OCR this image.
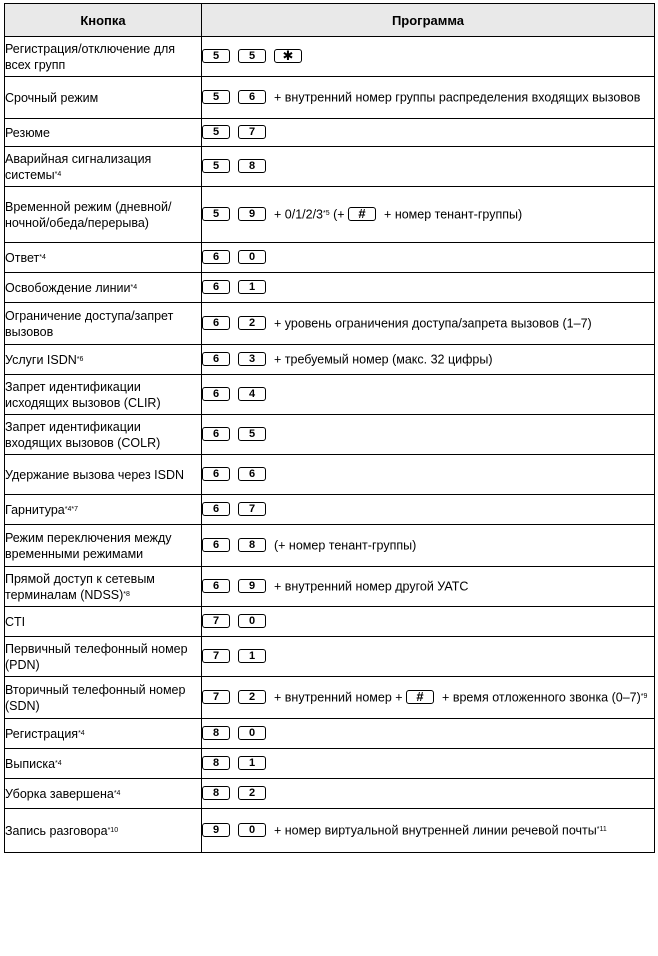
Кнопка	Программа
Регистрация/отключение для всех групп	5 5 ✱
Срочный режим	5 6 + внутренний номер группы распределения входящих вызовов
Резюме	5 7
Аварийная сигнализация системы$^{*4}$	5 8
Временной режим (дневной/ночной/обеда/перерыва)	5 $9 + 0/1/2/3^{*5}$ (+ # + номер тенант-группы)
Ответ$^{*4}$	6 0
Освобождение линии$^{*4}$	6 1
Ограничение доступа/запрет вызовов	6 2 + уровень ограничения доступа/запрета вызовов (1–7)
Услуги ISDN$^{*6}$	6 3 + требуемый номер (макс. 32 цифры)
Запрет идентификации исходящих вызовов (CLIR)	6 4
Запрет идентификации входящих вызовов (COLR)	6 5
Удержание вызова через ISDN	6 6
Гарнитура$^{*4*7}$	6 7
Режим переключения между временными режимами	6 8 (+ номер тенант-группы)
Прямой доступ к сетевым терминалам (NDSS)$^{*8}$	6 9 + внутренний номер другой УАТС
CTI	7 0
Первичный телефонный номер (PDN)	7 1
Вторичный телефонный номер (SDN)	7 2 + внутренний номер + # + время отложенного звонка $(0-7)^{*9}$
Регистрация$^{*4}$	8 0
Выписка$^{*4}$	8 1
Уборка завершена$^{*4}$	8 2
Запись разговора$^{*10}$	9 0 + номер виртуальной внутренней линии речевой почты$^{*11}$
